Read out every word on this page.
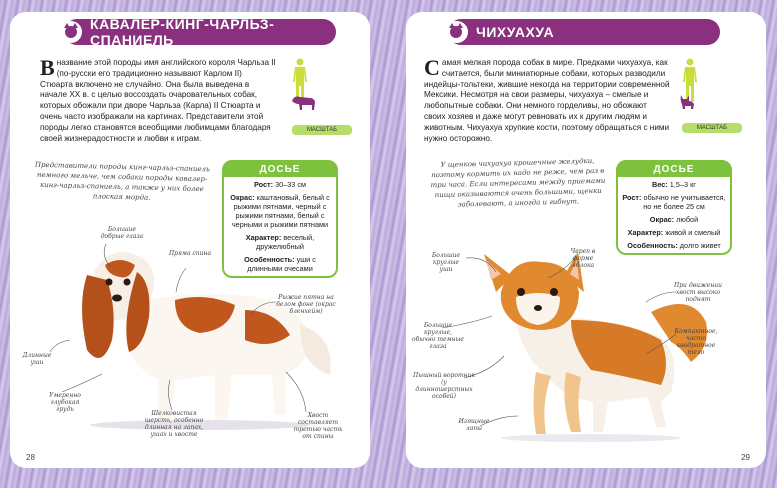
КАВАЛЕР-КИНГ-ЧАРЛЬЗ-СПАНИЕЛЬ
В название этой породы имя английского короля Чарльза II (по-русски его традиционно называют Карлом II) Стюарта включено не случайно. Она была выведена в начале XX в. с целью воссоздать очаровательных собак, которых обожали при дворе Чарльза (Карла) II Стюарта и очень часто изображали на картинах. Представители этой породы легко становятся всеобщими любимцами благодаря своей жизнерадостности и любви к играм.
МАСШТАБ
Представители породы кинг-чарльз-спаниель немного мельче, чем собаки породы кавалер-кинг-чарльз-спаниель, а также у них более плоская морда.
ДОСЬЕ
Рост: 30–33 см
Окрас: каштановый, белый с рыжими пятнами, черный с рыжими пятнами, белый с черными и рыжими пятнами
Характер: веселый, дружелюбный
Особенность: уши с длинными очесами
Большие добрые глаза
Пряма спина
Рыжие пятна на белом фоне (окрас бленхейм)
Длинные уши
Умеренно глубокая грудь
Шелковистая шерсть, особенно длинная на лапах, ушах и хвосте
Хвост составляет третью часть от спины
28
ЧИХУАХУА
Самая мелкая порода собак в мире. Предками чихуахуа, как считается, были миниатюрные собаки, которых разводили индейцы-тольтеки, жившие некогда на территории современной Мексики. Несмотря на свои размеры, чихуахуа – смелые и любопытные собаки. Они немного горделивы, но обожают своих хозяев и даже могут ревновать их к другим людям и животным. Чихуахуа хрупкие кости, поэтому обращаться с ними нужно осторожно.
МАСШТАБ
У щенков чихуахуа крошечные желудки, поэтому кормить их надо не реже, чем раз в три часа. Если интересами между приемами пищи оказываются очень большими, щенки заболевают, а иногда и гибнут.
ДОСЬЕ
Вес: 1,5–3 кг
Рост: обычно не учитывается, но не более 25 см
Окрас: любой
Характер: живой и смелый
Особенность: долго живет
Большие круглые уши
Череп в форме яблока
Большие круглые, обычно темные глаза
При движении хвост высоко поднят
Пышный воротник (у длинношерстных особей)
Компактное, часто квадратное тело
Изящные лапы
29
